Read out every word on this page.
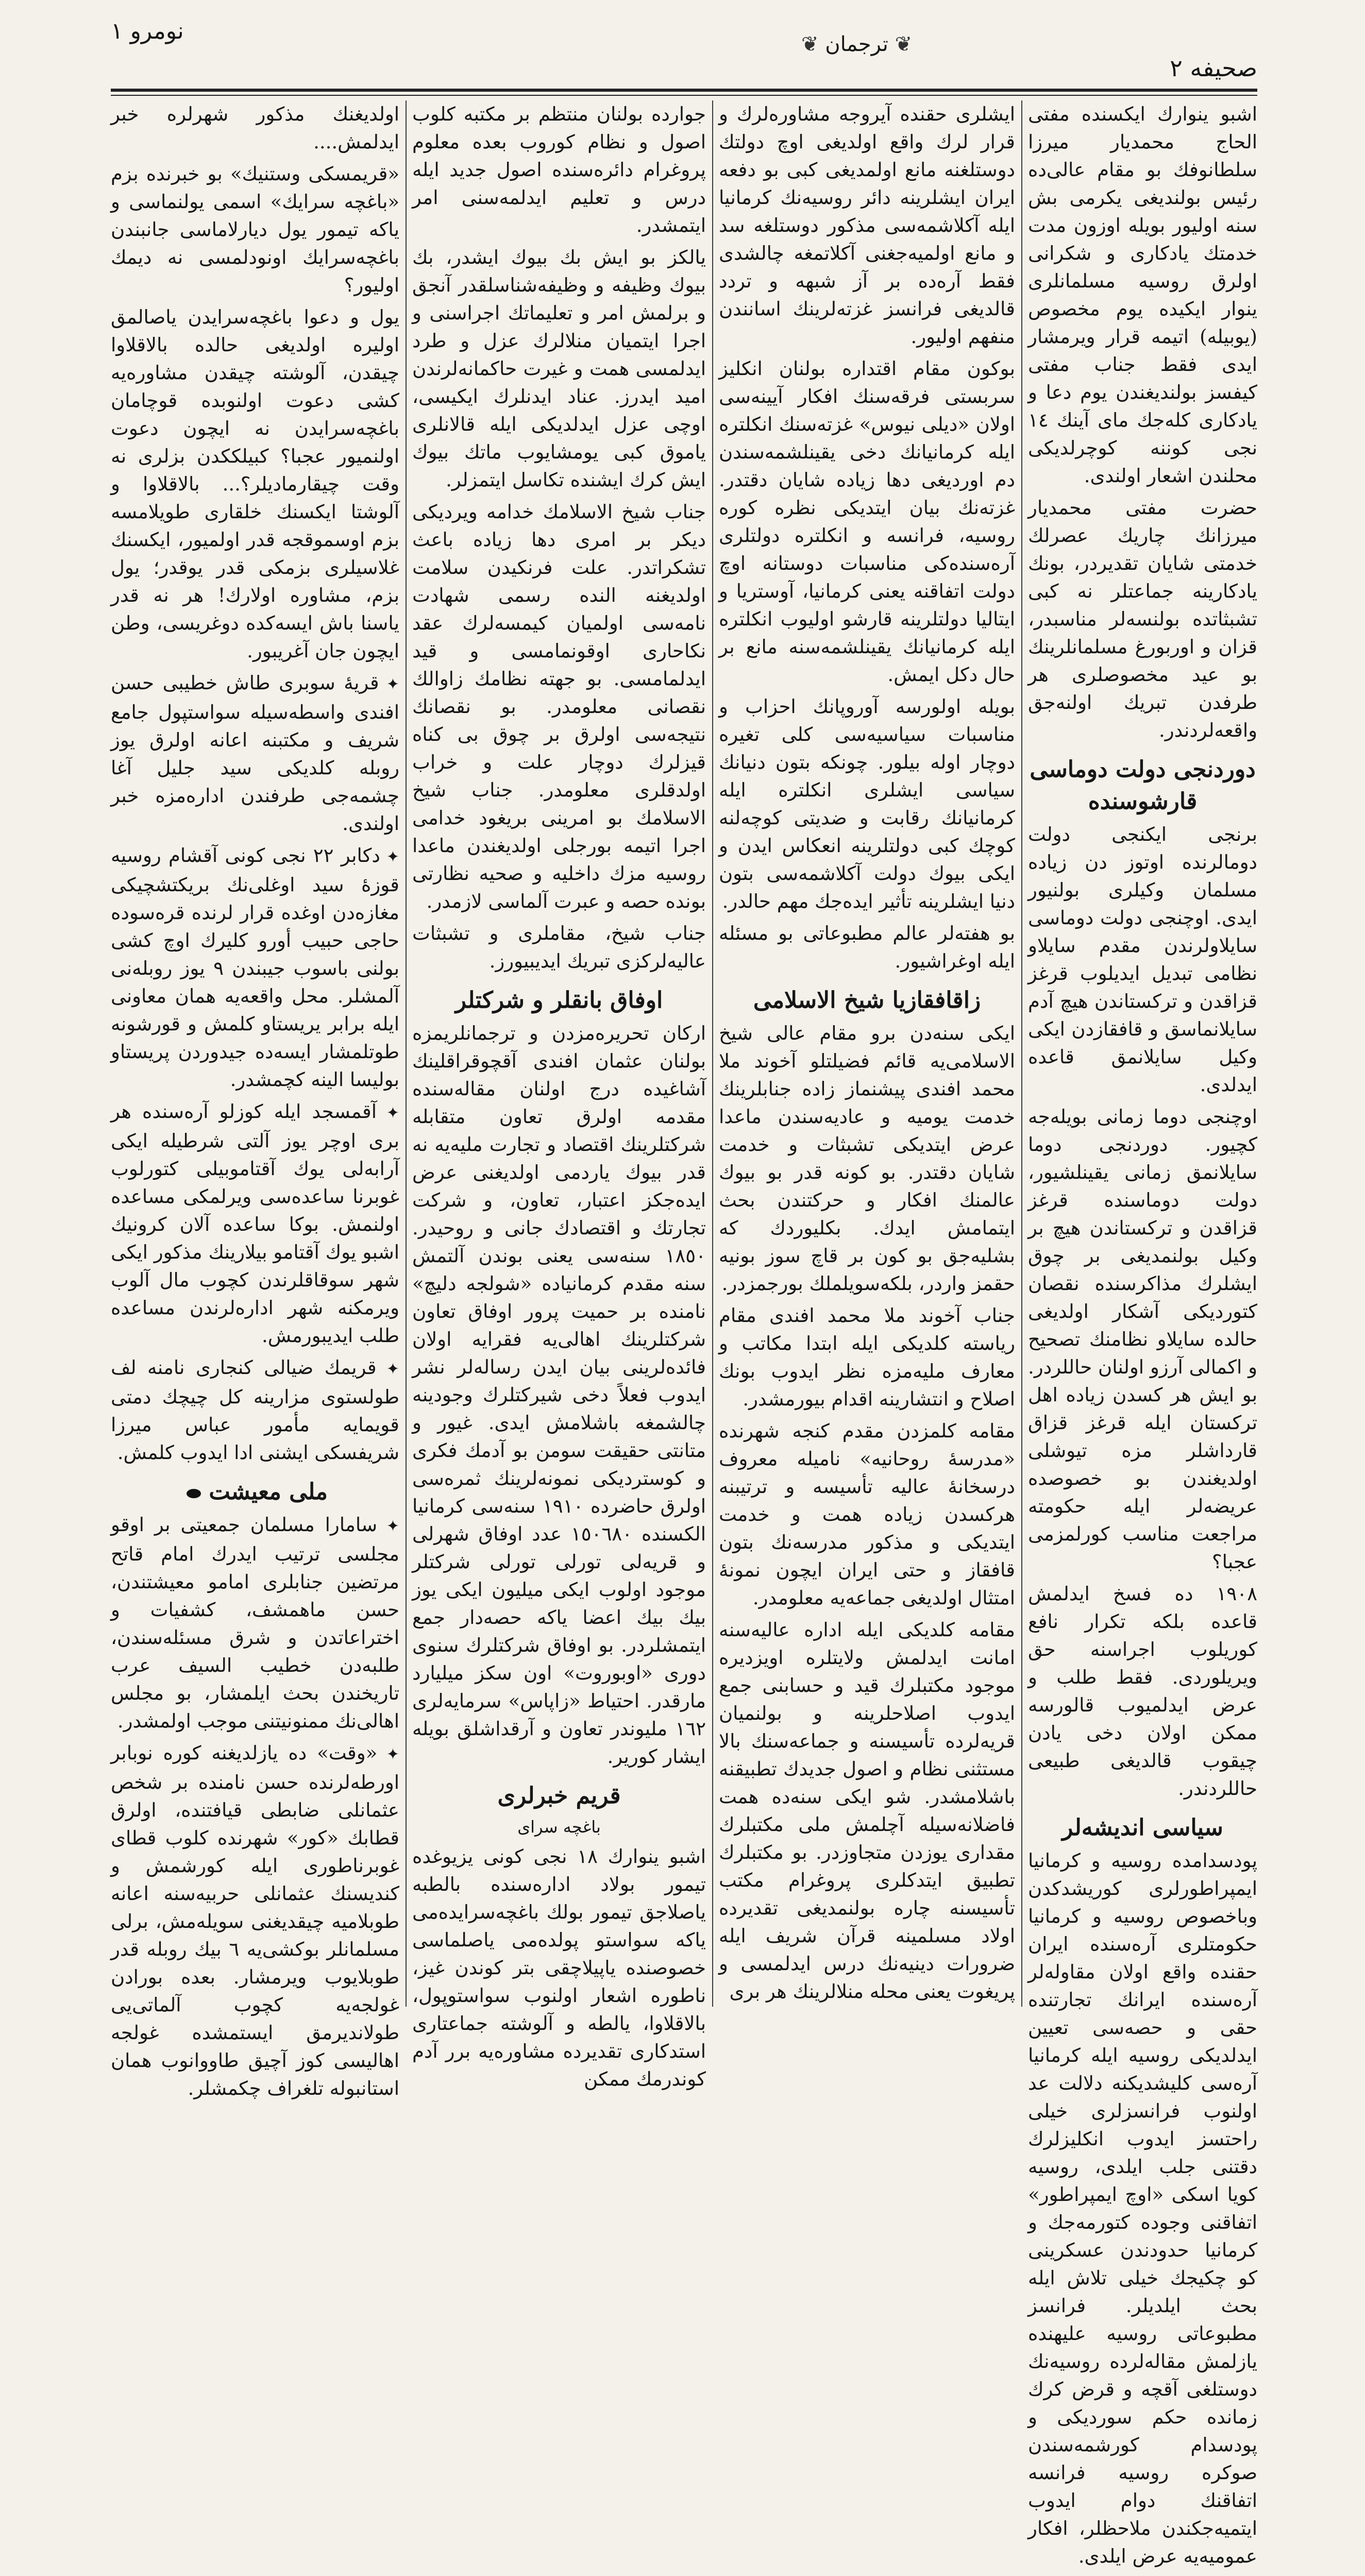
نومرو ١	❦ ترجمان ❦
صحیفه ٢

اشبو ینوارك ایکسنده مفتی الحاج محمدیار میرزا سلطانوفك بو مقام عالی‌ده رئیس بولندیغی یکرمی بش سنه اولیور بویله اوزون مدت خدمتك یادکاری و شکرانی اولرق روسیه مسلمانلری ینوار ایکیده یوم مخصوص (یوبیله) اتیمه قرار ویرمشار ایدی فقط جناب مفتی کیفسز بولندیغندن یوم دعا و یادکاری کله‌جك مای آینك ١٤ نجی کوننه کوچرلدیکی محلندن اشعار اولندی.

حضرت مفتی محمدیار میرزانك چاریك عصرلك خدمتی شایان تقدیردر، بونك یادکارینه جماعتلر نه کبی تشبثاتده بولنسه‌لر مناسبدر، قزان و اوربورغ مسلمانلرینك بو عید مخصوصلری هر طرفدن تبریك اولنه‌جق واقعه‌لردندر.

دوردنجی دولت دوماسی قارشوسنده

برنجی ایکنجی دولت دومالرنده اوتوز دن زیاده مسلمان وکیلری بولنیور ایدی. اوچنجی دولت دوماسی سایلاولرندن مقدم سایلاو نظامی تبدیل ایدیلوب قرغز قزاقدن و ترکستاندن هیچ آدم سایلانماسق و قافقازدن ایکی وکیل سایلانمق قاعده ایدلدی.

اوچنجی دوما زمانی بویله‌جه کچیور. دوردنجی دوما سایلانمق زمانی یقینلشیور، دولت دوماسنده قرغز قزاقدن و ترکستاندن هیچ بر وکیل بولنمدیغی بر چوق ایشلرك مذاکرسنده نقصان کتوردیکی آشکار اولدیغی حالده سایلاو نظامنك تصحیح و اکمالی آرزو اولنان حاللردر. بو ایش هر کسدن زیاده اهل ترکستان ایله قرغز قزاق قارداشلر مزه تیوشلی اولدیغندن بو خصوصده عریضه‌لر ایله حکومته مراجعت مناسب کورلمزمی عجبا؟

١٩٠٨ ده فسخ ایدلمش قاعده بلکه تکرار نافع کوریلوب اجراسنه حق ویریلوردی. فقط طلب و عرض ایدلمیوب قالورسه ممکن اولان دخی یادن چیقوب قالدیغی طبیعی حاللردندر.

سیاسی اندیشه‌لر

پودسدامده روسیه و کرمانیا ایمپراطورلری کوریشدکدن وباخصوص روسیه و کرمانیا حکومتلری آره‌سنده ایران حقنده واقع اولان مقاوله‌لر آره‌سنده ایرانك تجارتنده حقی و حصه‌سی تعیین ایدلدیکی روسیه ایله کرمانیا آره‌سی کلیشدیکنه دلالت عد اولنوب فرانسزلری خیلی راحتسز ایدوب انکلیزلرك دقتنی جلب ایلدی، روسیه کویا اسکی «اوچ ایمپراطور» اتفاقنی وجوده کتورمه‌جك و کرمانیا حدودندن عسکرینی کو چکیجك خیلی تلاش ایله بحث ایلدیلر. فرانسز مطبوعاتی روسیه علیهنده یازلمش مقاله‌لرده روسیه‌نك دوستلغی آقچه و قرض کرك زمانده حکم سوردیکی و پودسدام کورشمه‌سندن صوکره روسیه فرانسه اتفاقنك دوام ایدوب ایتمیه‌جکندن ملاحظلر، افکار عمومیه‌یه عرض ایلدی.

ایشلری حقنده آیروجه مشاوره‌لرك و قرار لرك واقع اولدیغی اوچ دولتك دوستلغنه مانع اولمدیغی کبی بو دفعه ایران ایشلرینه دائر روسیه‌نك کرمانیا ایله آکلاشمه‌سی مذکور دوستلغه سد و مانع اولمیه‌جغنی آکلاتمغه چالشدی فقط آره‌ده بر آز شبهه و تردد قالدیغی فرانسز غزته‌لرینك اسانندن منفهم اولیور.

بوکون مقام اقتداره بولنان انکلیز سربستی فرقه‌سنك افکار آیینه‌سی اولان «دیلی نیوس» غزته‌سنك انکلتره ایله کرمانیانك دخی یقینلشمه‌سندن دم اوردیغی دها زیاده شایان دقتدر. غزته‌نك بیان ایتدیکی نظره کوره روسیه، فرانسه و انکلتره دولتلری آره‌سنده‌کی مناسبات دوستانه اوچ دولت اتفاقنه یعنی کرمانیا، آوستریا و ایتالیا دولتلرینه قارشو اولیوب انکلتره ایله کرمانیانك یقینلشمه‌سنه مانع بر حال دکل ایمش.

بویله اولورسه آوروپانك احزاب و مناسبات سیاسیه‌سی کلی تغیره دوچار اوله بیلور. چونکه بتون دنیانك سیاسی ایشلری انکلتره ایله کرمانیانك رقابت و ضدیتی کوچه‌لنه کوچك کبی دولتلرینه انعکاس ایدن و ایکی بیوك دولت آکلاشمه‌سی بتون دنیا ایشلرینه تأثیر ایده‌جك مهم حالدر.

بو هفته‌لر عالم مطبوعاتی بو مسئله ایله اوغراشیور.

زاقافقازیا شیخ الاسلامی

ایکی سنه‌دن برو مقام عالی شیخ الاسلامی‌یه قائم فضیلتلو آخوند ملا محمد افندی پیشنماز زاده جنابلرینك خدمت یومیه و عادیه‌سندن ماعدا عرض ایتدیکی تشبثات و خدمت شایان دقتدر. بو کونه قدر بو بیوك عالمنك افکار و حرکتندن بحث ایتمامش ایدك. بکلیوردك که بشلیه‌جق بو کون بر قاچ سوز بونیه حقمز واردر، بلکه‌سویلملك بورجمزدر.

جناب آخوند ملا محمد افندی مقام ریاسته کلدیکی ایله ابتدا مکاتب و معارف ملیه‌مزه نظر ایدوب بونك اصلاح و انتشارینه اقدام بیورمشدر.

مقامه کلمزدن مقدم کنجه شهرنده «مدرسهٔ روحانیه» نامیله معروف درسخانهٔ عالیه تأسیسه و ترتیبنه هرکسدن زیاده همت و خدمت ایتدیکی و مذکور مدرسه‌نك بتون قافقاز و حتی ایران ایچون نمونهٔ امتثال اولدیغی جماعه‌یه معلومدر.

مقامه کلدیکی ایله اداره عالیه‌سنه امانت ایدلمش ولایتلره اویزدیره موجود مکتبلرك قید و حسابنی جمع ایدوب اصلاحلرینه و بولنمیان قریه‌لرده تأسیسنه و جماعه‌سنك بالا مستثنی نظام و اصول جدیدك تطبیقنه باشلامشدر. شو ایکی سنه‌ده همت فاضلانه‌سیله آچلمش ملی مکتبلرك مقداری یوزدن متجاوزدر. بو مکتبلرك تطبیق ایتدکلری پروغرام مکتب تأسیسنه چاره بولنمدیغی تقدیرده اولاد مسلمینه قرآن شریف ایله ضرورات دینیه‌نك درس ایدلمسی و پریغوت یعنی محله منلالرینك هر بری

جوارده بولنان منتظم بر مکتبه کلوب اصول و نظام کوروب بعده معلوم پروغرام دائره‌سنده اصول جدید ایله درس و تعلیم ایدلمه‌سنی امر ایتمشدر.

یالکز بو ایش بك بیوك ایشدر، بك بیوك وظیفه و وظیفه‌شناسلقدر آنجق و برلمش امر و تعلیماتك اجراسنی و اجرا ایتمیان منلالرك عزل و طرد ایدلمسی همت و غیرت حاکمانه‌لرندن امید ایدرز. عناد ایدنلرك ایکیسی، اوچی عزل ایدلدیکی ایله قالانلری یاموق کبی یومشایوب ماتك بیوك ایش کرك ایشنده تکاسل ایتمزلر.

جناب شیخ الاسلامك خدامه ویردیکی دیکر بر امری دها زیاده باعث تشکراتدر. علت فرنکیدن سلامت اولدیغنه النده رسمی شهادت نامه‌سی اولمیان کیمسه‌لرك عقد نکاحاری اوقونمامسی و قید ایدلمامسی. بو جهته نظامك زاوالك نقصانی معلومدر. بو نقصانك نتیجه‌سی اولرق بر چوق بی کناه قیزلرك دوچار علت و خراب اولدقلری معلومدر. جناب شیخ الاسلامك بو امرینی بریغود خدامی اجرا اتیمه بورجلی اولدیغندن ماعدا روسیه مزك داخلیه و صحیه نظارتی بونده حصه و عبرت آلماسی لازمدر.

جناب شیخ، مقاملری و تشبثات عالیه‌لرکزی تبریك ایدیبیورز.

اوفاق بانقلر و شرکتلر

ارکان تحریره‌مزدن و ترجمانلریمزه بولنان عثمان افندی آقچوقراقلینك آشاغیده درج اولنان مقاله‌سنده مقدمه اولرق تعاون متقابله شرکتلرینك اقتصاد و تجارت ملیه‌یه نه قدر بیوك یاردمی اولدیغنی عرض ایده‌جکز اعتبار، تعاون، و شرکت تجارتك و اقتصادك جانی و روحیدر. ١٨٥٠ سنه‌سی یعنی بوندن آلتمش سنه مقدم کرمانیاده «شولجه دلیچ» نامنده بر حمیت پرور اوفاق تعاون شرکتلرینك اهالی‌یه فقرایه اولان فائده‌لرینی بیان ایدن رساله‌لر نشر ایدوب فعلاً دخی شیرکتلرك وجودینه چالشمغه باشلامش ایدی. غیور و متانتی حقیقت سومن بو آدمك فکری و کوستردیکی نمونه‌لرینك ثمره‌سی اولرق حاضرده ١٩١٠ سنه‌سی کرمانیا الکسنده ١٥٠٦٨٠ عدد اوفاق شهرلی و قریه‌لی تورلی تورلی شرکتلر موجود اولوب ایکی میلیون ایکی یوز بیك بیك اعضا یاکه حصه‌دار جمع ایتمشلردر. بو اوفاق شرکتلرك سنوی دوری «اوبوروت» اون سکز میلیارد مارقدر. احتیاط «زاپاس» سرمایه‌لری ١٦٢ ملیوندر تعاون و آرقداشلق بویله ایشار کوریر.

قریم خبرلری
باغچه سرای

اشبو ینوارك ١٨ نجی کونی یزیوغده تیمور بولاد اداره‌سنده بالطبه یاصلاجق تیمور بولك باغچه‌سرایده‌می یاکه سواستو پولده‌می یاصلماسی خصوصنده یاپیلاچقی بتر کوندن غیز، ناطوره اشعار اولنوب سواستوپول، بالاقلاوا، یالطه و آلوشته جماعتاری استدکاری تقدیرده مشاوره‌یه برر آدم کوندرمك ممکن

اولدیغنك مذکور شهرلره خبر ایدلمش....

«قریمسکی وستنیك» بو خبرنده بزم «باغچه سرایك» اسمی یولنماسی و یاکه تیمور یول دیارلاماسی جانبندن باغچه‌سرایك اونودلمسی نه دیمك اولیور؟

یول و دعوا باغچه‌سرایدن یاصالمق اولیره اولدیغی حالده بالاقلاوا چیقدن، آلوشته چیقدن مشاوره‌یه کشی دعوت اولنوبده قوچامان باغچه‌سرایدن نه ایچون دعوت اولنمیور عجبا؟ کبیلککدن بزلری نه وقت چیقارمادیلر؟... بالاقلاوا و آلوشتا ایکسنك خلقاری طویلامسه بزم اوسموقجه قدر اولمیور، ایکسنك غلاسیلری بزمکی قدر یوقدر؛ یول بزم، مشاوره اولارك! هر نه قدر یاسنا باش ایسه‌کده دوغریسی، وطن ایچون جان آغریبور.

✦ قریهٔ سوبری طاش خطیبی حسن افندی واسطه‌سیله سواستپول جامع شریف و مکتبنه اعانه اولرق یوز روبله کلدیکی سید جلیل آغا چشمه‌جی طرفندن اداره‌مزه خبر اولندی.

✦ دکابر ٢٢ نجی کونی آقشام روسیه قوزهٔ سید اوغلی‌نك بریکتشچیکی مغازه‌دن اوغده قرار لرنده قره‌سوده حاجی حبیب أورو کلیرك اوچ کشی بولنی باسوب جیبندن ٩ یوز روبله‌نی آلمشلر. محل واقعه‌یه همان معاونی ایله برابر یریستاو کلمش و قورشونه طوتلمشار ایسه‌ده جیدوردن پریستاو بولیسا الینه کچمشدر.

✦ آقمسجد ایله کوزلو آره‌سنده هر بری اوچر یوز آلتی شرطیله ایکی آرابه‌لی یوك آقتاموبیلی کتورلوب غوبرنا ساعده‌سی ویرلمکی مساعده اولنمش. بوکا ساعده آلان کرونیك اشبو یوك آقتامو بیلارینك مذکور ایکی شهر سوقاقلرندن کچوب مال آلوب ویرمکنه شهر اداره‌لرندن مساعده طلب ایدیبورمش.

✦ قریمك ضیالی کنجاری نامنه لف طولستوی مزارینه کل چیچك دمتی قویمایه مأمور عباس میرزا شریفسکی ایشنی ادا ایدوب کلمش.

ملی معیشت

✦ سامارا مسلمان جمعیتی بر اوقو مجلسی ترتیب ایدرك امام قاتح مرتضین جنابلری امامو معیشتندن، حسن ماهمشف، کشفیات و اختراعاتدن و شرق مسئله‌سندن، طلبه‌دن خطیب السیف عرب تاریخندن بحث ایلمشار، بو مجلس اهالی‌نك ممنونیتنی موجب اولمشدر.

✦ «وقت» ده یازلدیغنه کوره نوبابر اورطه‌لرنده حسن نامنده بر شخص عثمانلی ضابطی قیافتنده، اولرق قطابك «کور» شهرنده کلوب قطای غوبرناطوری ایله کورشمش و کندیسنك عثمانلی حربیه‌سنه اعانه طوبلامیه چیقدیغنی سویله‌مش، برلی مسلمانلر بوکشی‌یه ٦ بیك روبله قدر طوبلایوب ویرمشار. بعده بورادن غولجه‌یه کچوب آلماتی‌یی طولاندیرمق ایستمشده غولجه اهالیسی کوز آچیق طاووانوب همان استانبوله تلغراف چکمشلر.
